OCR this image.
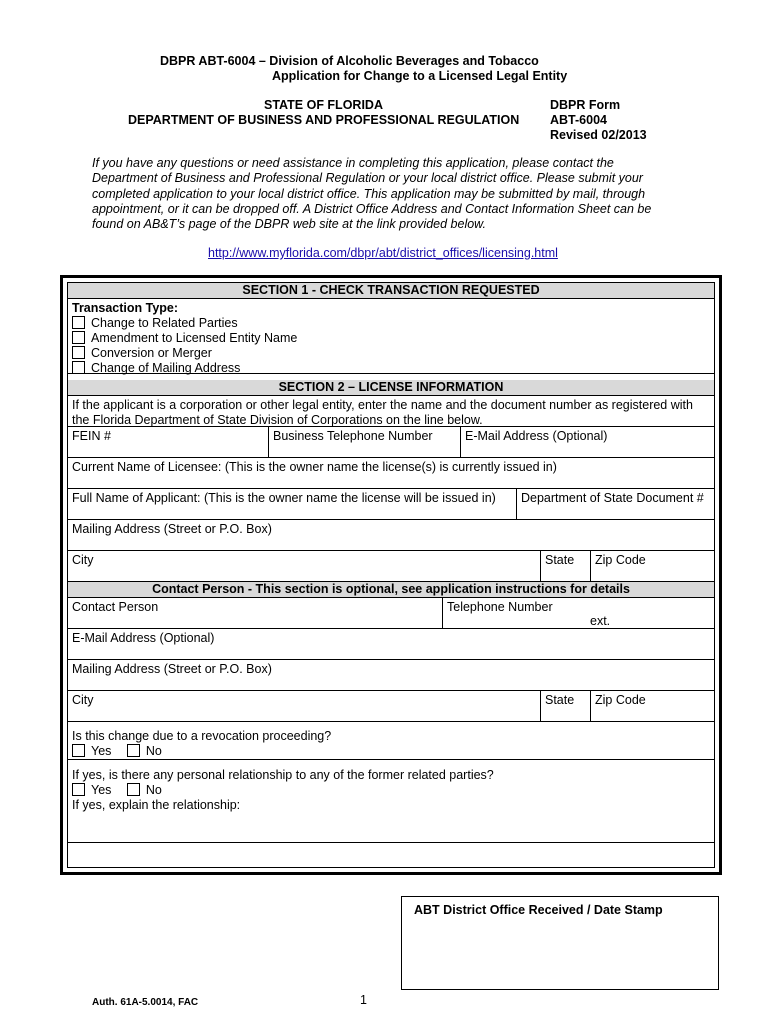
DBPR ABT-6004 – Division of Alcoholic Beverages and Tobacco
Application for Change to a Licensed Legal Entity
STATE OF FLORIDA
DEPARTMENT OF BUSINESS AND PROFESSIONAL REGULATION
DBPR Form
ABT-6004
Revised 02/2013
If you have any questions or need assistance in completing this application, please contact the Department of Business and Professional Regulation or your local district office. Please submit your completed application to your local district office. This application may be submitted by mail, through appointment, or it can be dropped off. A District Office Address and Contact Information Sheet can be found on AB&T’s page of the DBPR web site at the link provided below.
http://www.myflorida.com/dbpr/abt/district_offices/licensing.html
SECTION 1 - CHECK TRANSACTION REQUESTED
Transaction Type:
Change to Related Parties
Amendment to Licensed Entity Name
Conversion or Merger
Change of Mailing Address
SECTION 2 – LICENSE INFORMATION
If the applicant is a corporation or other legal entity, enter the name and the document number as registered with the Florida Department of State Division of Corporations on the line below.
FEIN #	Business Telephone Number	E-Mail Address (Optional)
Current Name of Licensee: (This is the owner name the license(s) is currently issued in)
Full Name of Applicant: (This is the owner name the license will be issued in)	Department of State Document #
Mailing Address (Street or P.O. Box)
City	State	Zip Code
Contact Person - This section is optional, see application instructions for details
Contact Person	Telephone Number
ext.
E-Mail Address (Optional)
Mailing Address (Street or P.O. Box)
City	State	Zip Code
Is this change due to a revocation proceeding?
Yes	No
If yes, is there any personal relationship to any of the former related parties?
Yes	No
If yes, explain the relationship:
ABT District Office Received / Date Stamp
Auth. 61A-5.0014, FAC	1
